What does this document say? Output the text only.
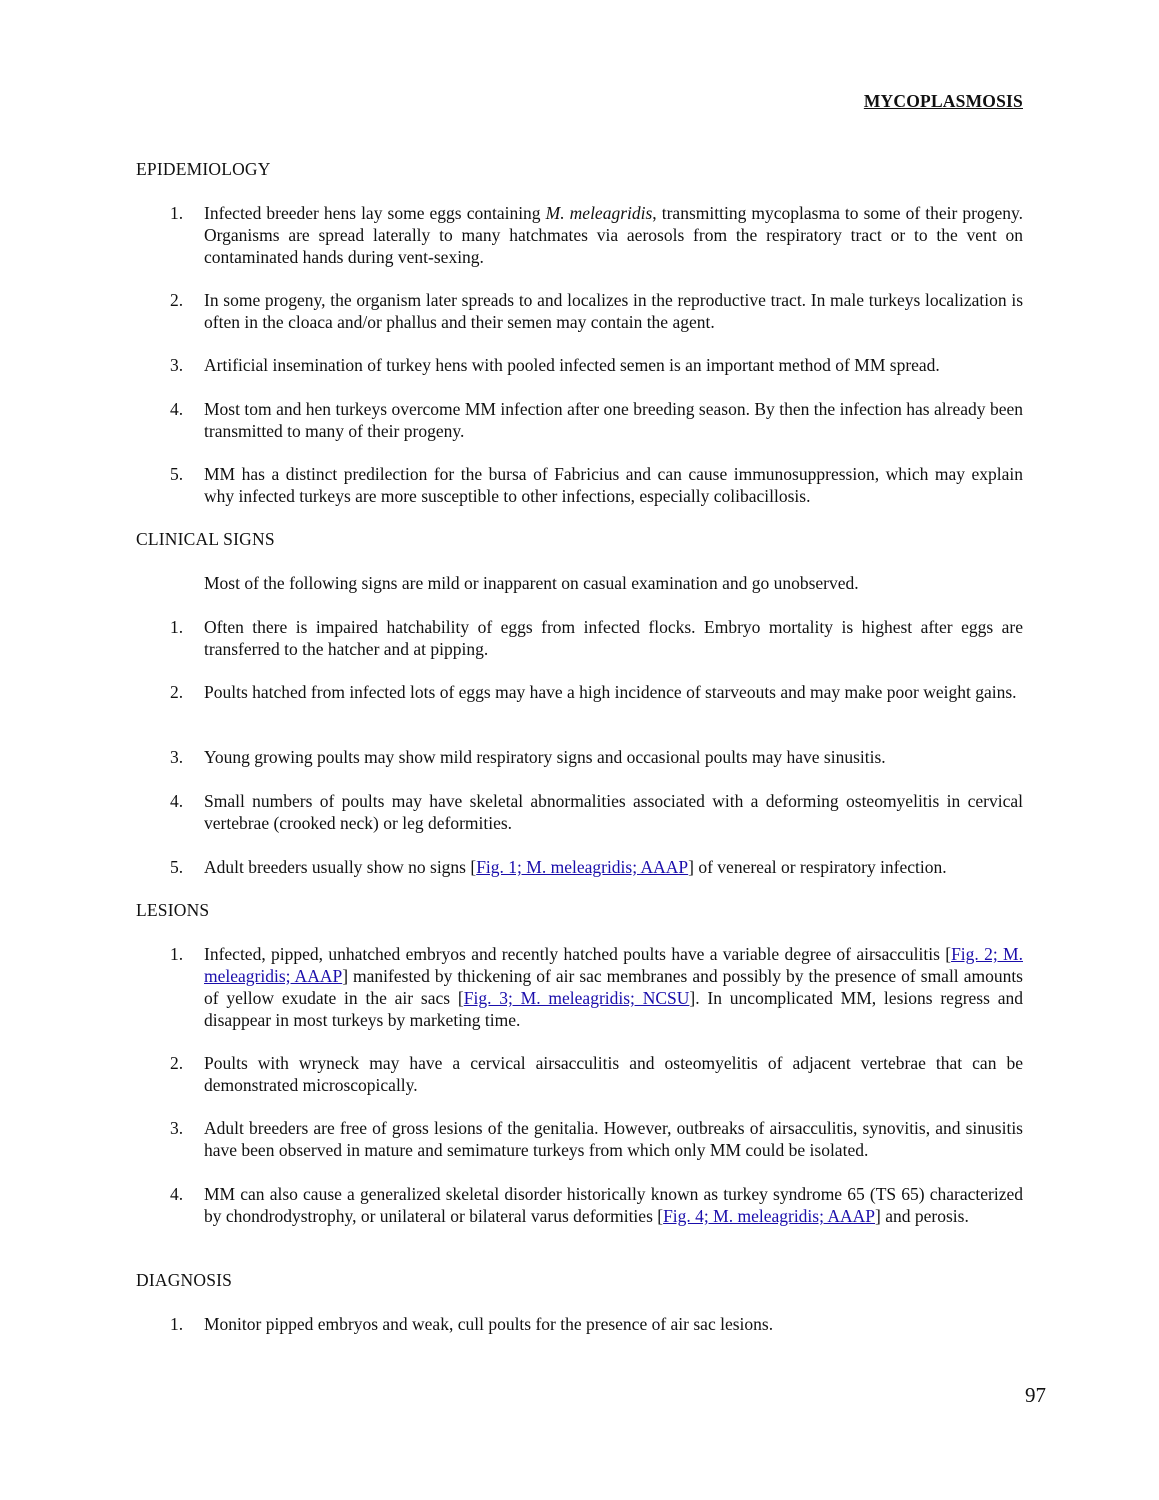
MYCOPLASMOSIS
EPIDEMIOLOGY
1. Infected breeder hens lay some eggs containing M. meleagridis, transmitting mycoplasma to some of their progeny. Organisms are spread laterally to many hatchmates via aerosols from the respiratory tract or to the vent on contaminated hands during vent-sexing.
2. In some progeny, the organism later spreads to and localizes in the reproductive tract. In male turkeys localization is often in the cloaca and/or phallus and their semen may contain the agent.
3. Artificial insemination of turkey hens with pooled infected semen is an important method of MM spread.
4. Most tom and hen turkeys overcome MM infection after one breeding season. By then the infection has already been transmitted to many of their progeny.
5. MM has a distinct predilection for the bursa of Fabricius and can cause immunosuppression, which may explain why infected turkeys are more susceptible to other infections, especially colibacillosis.
CLINICAL SIGNS
Most of the following signs are mild or inapparent on casual examination and go unobserved.
1. Often there is impaired hatchability of eggs from infected flocks. Embryo mortality is highest after eggs are transferred to the hatcher and at pipping.
2. Poults hatched from infected lots of eggs may have a high incidence of starveouts and may make poor weight gains.
3. Young growing poults may show mild respiratory signs and occasional poults may have sinusitis.
4. Small numbers of poults may have skeletal abnormalities associated with a deforming osteomyelitis in cervical vertebrae (crooked neck) or leg deformities.
5. Adult breeders usually show no signs [Fig. 1; M. meleagridis; AAAP] of venereal or respiratory infection.
LESIONS
1. Infected, pipped, unhatched embryos and recently hatched poults have a variable degree of airsacculitis [Fig. 2; M. meleagridis; AAAP] manifested by thickening of air sac membranes and possibly by the presence of small amounts of yellow exudate in the air sacs [Fig. 3; M. meleagridis; NCSU]. In uncomplicated MM, lesions regress and disappear in most turkeys by marketing time.
2. Poults with wryneck may have a cervical airsacculitis and osteomyelitis of adjacent vertebrae that can be demonstrated microscopically.
3. Adult breeders are free of gross lesions of the genitalia. However, outbreaks of airsacculitis, synovitis, and sinusitis have been observed in mature and semimature turkeys from which only MM could be isolated.
4. MM can also cause a generalized skeletal disorder historically known as turkey syndrome 65 (TS 65) characterized by chondrodystrophy, or unilateral or bilateral varus deformities [Fig. 4; M. meleagridis; AAAP] and perosis.
DIAGNOSIS
1. Monitor pipped embryos and weak, cull poults for the presence of air sac lesions.
97
